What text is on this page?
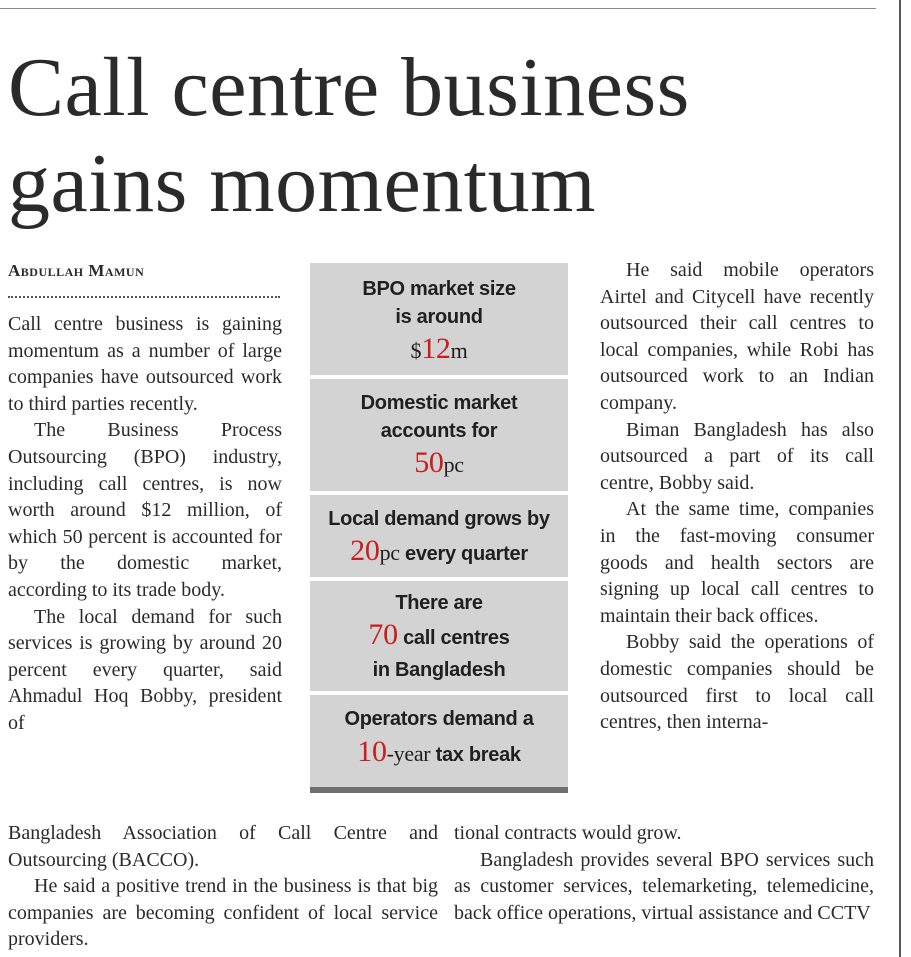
Call centre business
gains momentum
Abdullah Mamun

Call centre business is gaining momentum as a number of large companies have outsourced work to third parties recently.

The Business Process Outsourcing (BPO) industry, including call centres, is now worth around $12 million, of which 50 percent is accounted for by the domestic market, according to its trade body.

The local demand for such services is growing by around 20 percent every quarter, said Ahmadul Hoq Bobby, president of

BPO market size
is around
$12m
Domestic market
accounts for
50pc
Local demand grows by
20pc every quarter
There are
70 call centres
in Bangladesh
Operators demand a
10-year tax break

He said mobile operators Airtel and Citycell have recently outsourced their call centres to local companies, while Robi has outsourced work to an Indian company.

Biman Bangladesh has also outsourced a part of its call centre, Bobby said.

At the same time, companies in the fast-moving consumer goods and health sectors are signing up local call centres to maintain their back offices.

Bobby said the operations of domestic companies should be outsourced first to local call centres, then interna-

Bangladesh Association of Call Centre and Outsourcing (BACCO).

He said a positive trend in the business is that big companies are becoming confident of local service providers.

tional contracts would grow.

Bangladesh provides several BPO services such as customer services, telemarketing, telemedicine, back office operations, virtual assistance and CCTV
